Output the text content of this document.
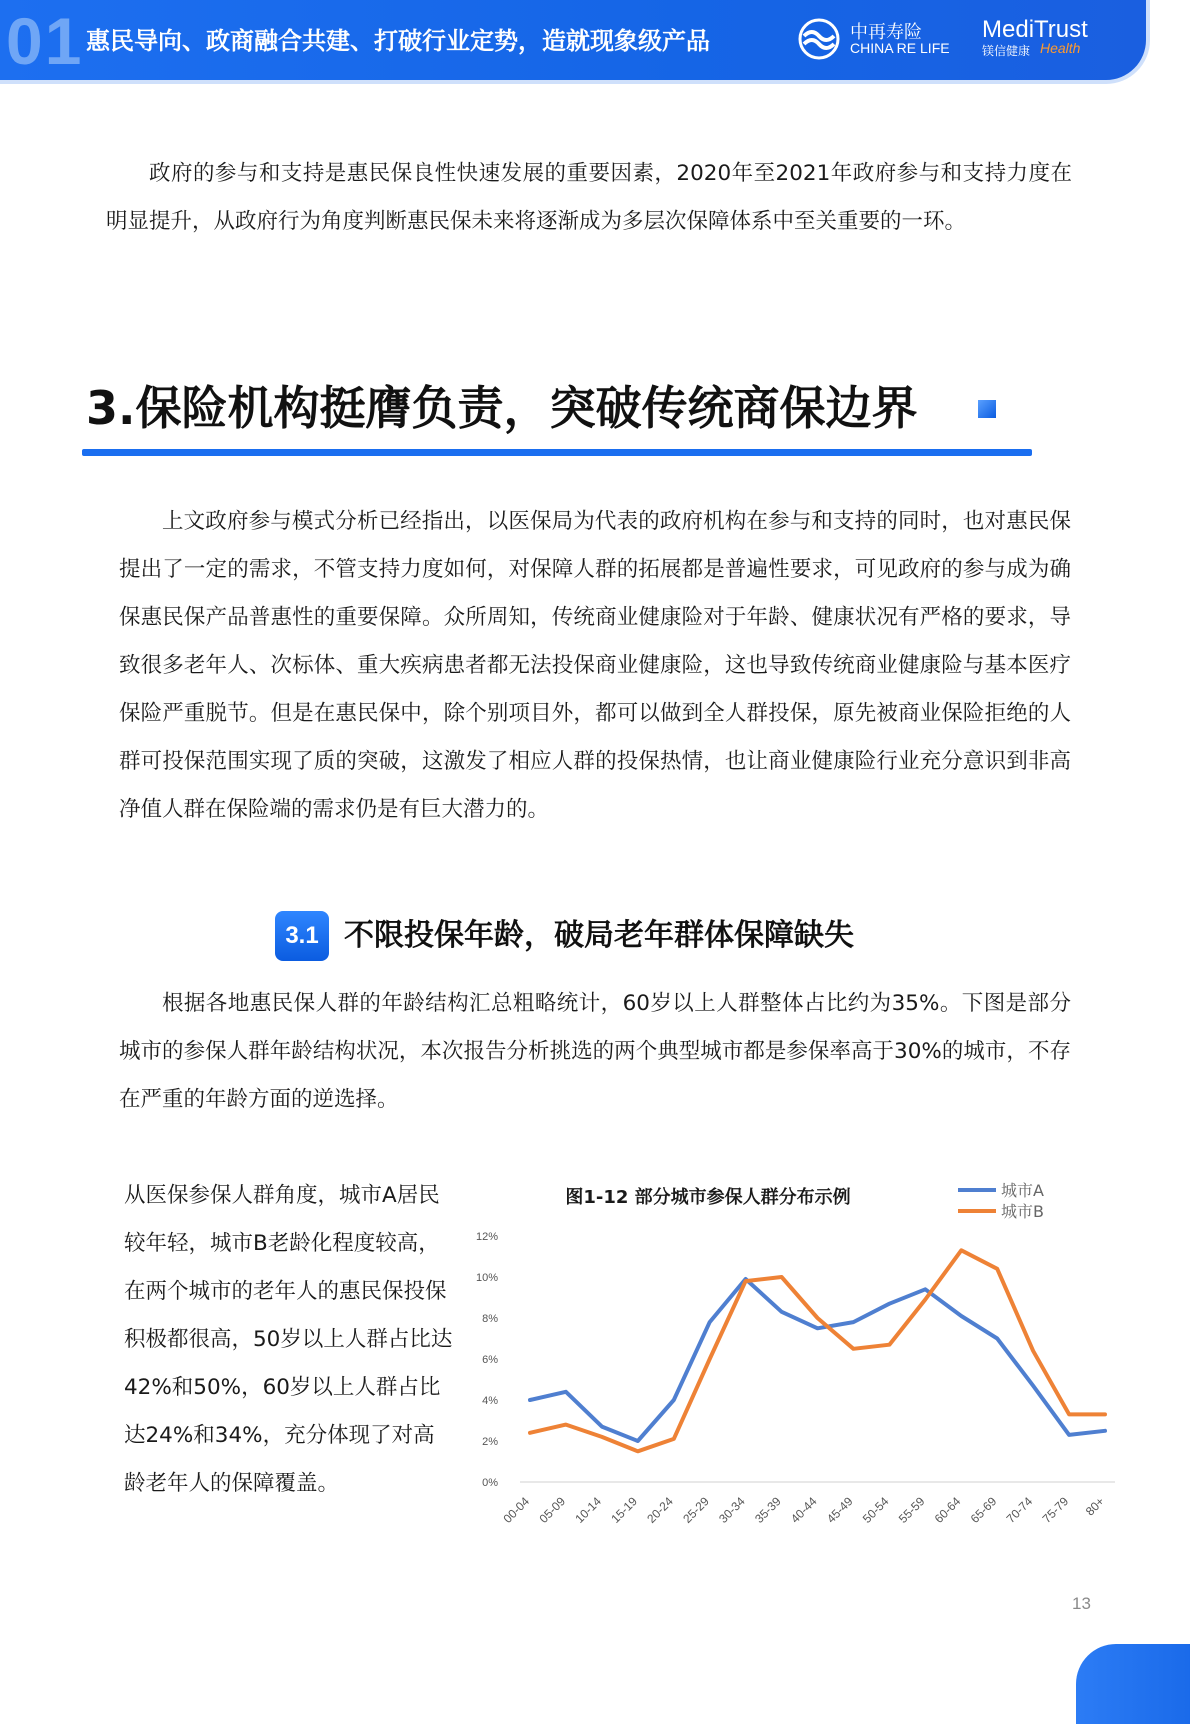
01 惠民导向、政商融合共建、打破行业定势，造就现象级产品	中再寿险
CHINA RE LIFE
MediTrust
镁信健康 Health

政府的参与和支持是惠民保良性快速发展的重要因素，2020年至2021年政府参与和支持力度在明显提升，从政府行为角度判断惠民保未来将逐渐成为多层次保障体系中至关重要的一环。

3.保险机构挺膺负责，突破传统商保边界

上文政府参与模式分析已经指出，以医保局为代表的政府机构在参与和支持的同时，也对惠民保提出了一定的需求，不管支持力度如何，对保障人群的拓展都是普遍性要求，可见政府的参与成为确保惠民保产品普惠性的重要保障。众所周知，传统商业健康险对于年龄、健康状况有严格的要求，导致很多老年人、次标体、重大疾病患者都无法投保商业健康险，这也导致传统商业健康险与基本医疗保险严重脱节。但是在惠民保中，除个别项目外，都可以做到全人群投保，原先被商业保险拒绝的人群可投保范围实现了质的突破，这激发了相应人群的投保热情，也让商业健康险行业充分意识到非高净值人群在保险端的需求仍是有巨大潜力的。

3.1 不限投保年龄，破局老年群体保障缺失

根据各地惠民保人群的年龄结构汇总粗略统计，60岁以上人群整体占比约为35%。下图是部分城市的参保人群年龄结构状况，本次报告分析挑选的两个典型城市都是参保率高于30%的城市，不存在严重的年龄方面的逆选择。

从医保参保人群角度，城市A居民较年轻，城市B老龄化程度较高，在两个城市的老年人的惠民保投保积极都很高，50岁以上人群占比达42%和50%，60岁以上人群占比达24%和34%，充分体现了对高龄老年人的保障覆盖。

图1-12 部分城市参保人群分布示例
0%
2%
4%
6%
8%
10%
12%
00-04 05-09 10-14 15-19 20-24 25-29 30-34 35-39 40-44 45-49 50-54 55-59 60-64 65-69 70-74 75-79 80+
城市A
城市B
13
